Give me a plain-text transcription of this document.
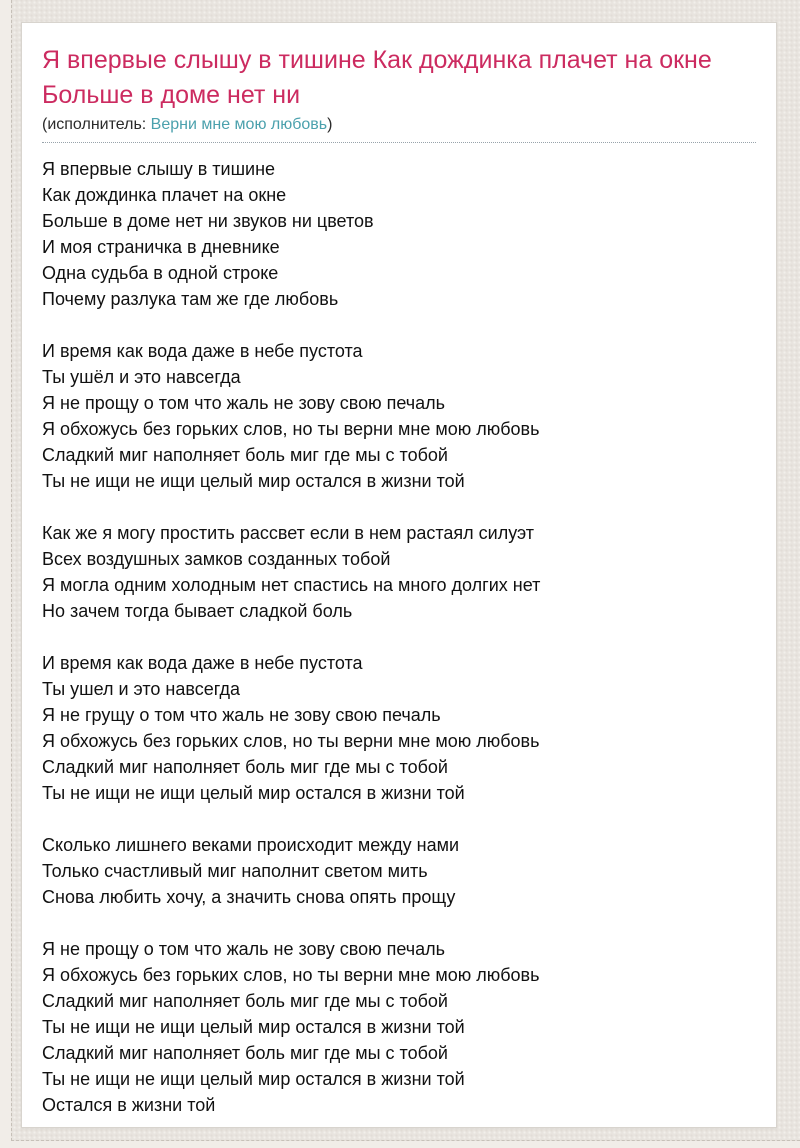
Я впервые слышу в тишине Как дождинка плачет на окне Больше в доме нет ни

(исполнитель: Верни мне мою любовь)

Я впервые слышу в тишине
Как дождинка плачет на окне
Больше в доме нет ни звуков ни цветов
И моя страничка в дневнике
Одна судьба в одной строке
Почему разлука там же где любовь

И время как вода даже в небе пустота
Ты ушёл и это навсегда
Я не прощу о том что жаль не зову свою печаль
Я обхожусь без горьких слов, но ты верни мне мою любовь
Сладкий миг наполняет боль миг где мы с тобой
Ты не ищи не ищи целый мир остался в жизни той

Как же я могу простить рассвет если в нем растаял силуэт
Всех воздушных замков созданных тобой
Я могла одним холодным нет спастись на много долгих нет
Но зачем тогда бывает сладкой боль

И время как вода даже в небе пустота
Ты ушел и это навсегда
Я не грущу о том что жаль не зову свою печаль
Я обхожусь без горьких слов, но ты верни мне мою любовь
Сладкий миг наполняет боль миг где мы с тобой
Ты не ищи не ищи целый мир остался в жизни той

Сколько лишнего веками происходит между нами
Только счастливый миг наполнит светом мить
Снова любить хочу, а значить снова опять прощу

Я не прощу о том что жаль не зову свою печаль
Я обхожусь без горьких слов, но ты верни мне мою любовь
Сладкий миг наполняет боль миг где мы с тобой
Ты не ищи не ищи целый мир остался в жизни той
Сладкий миг наполняет боль миг где мы с тобой
Ты не ищи не ищи целый мир остался в жизни той
Остался в жизни той
